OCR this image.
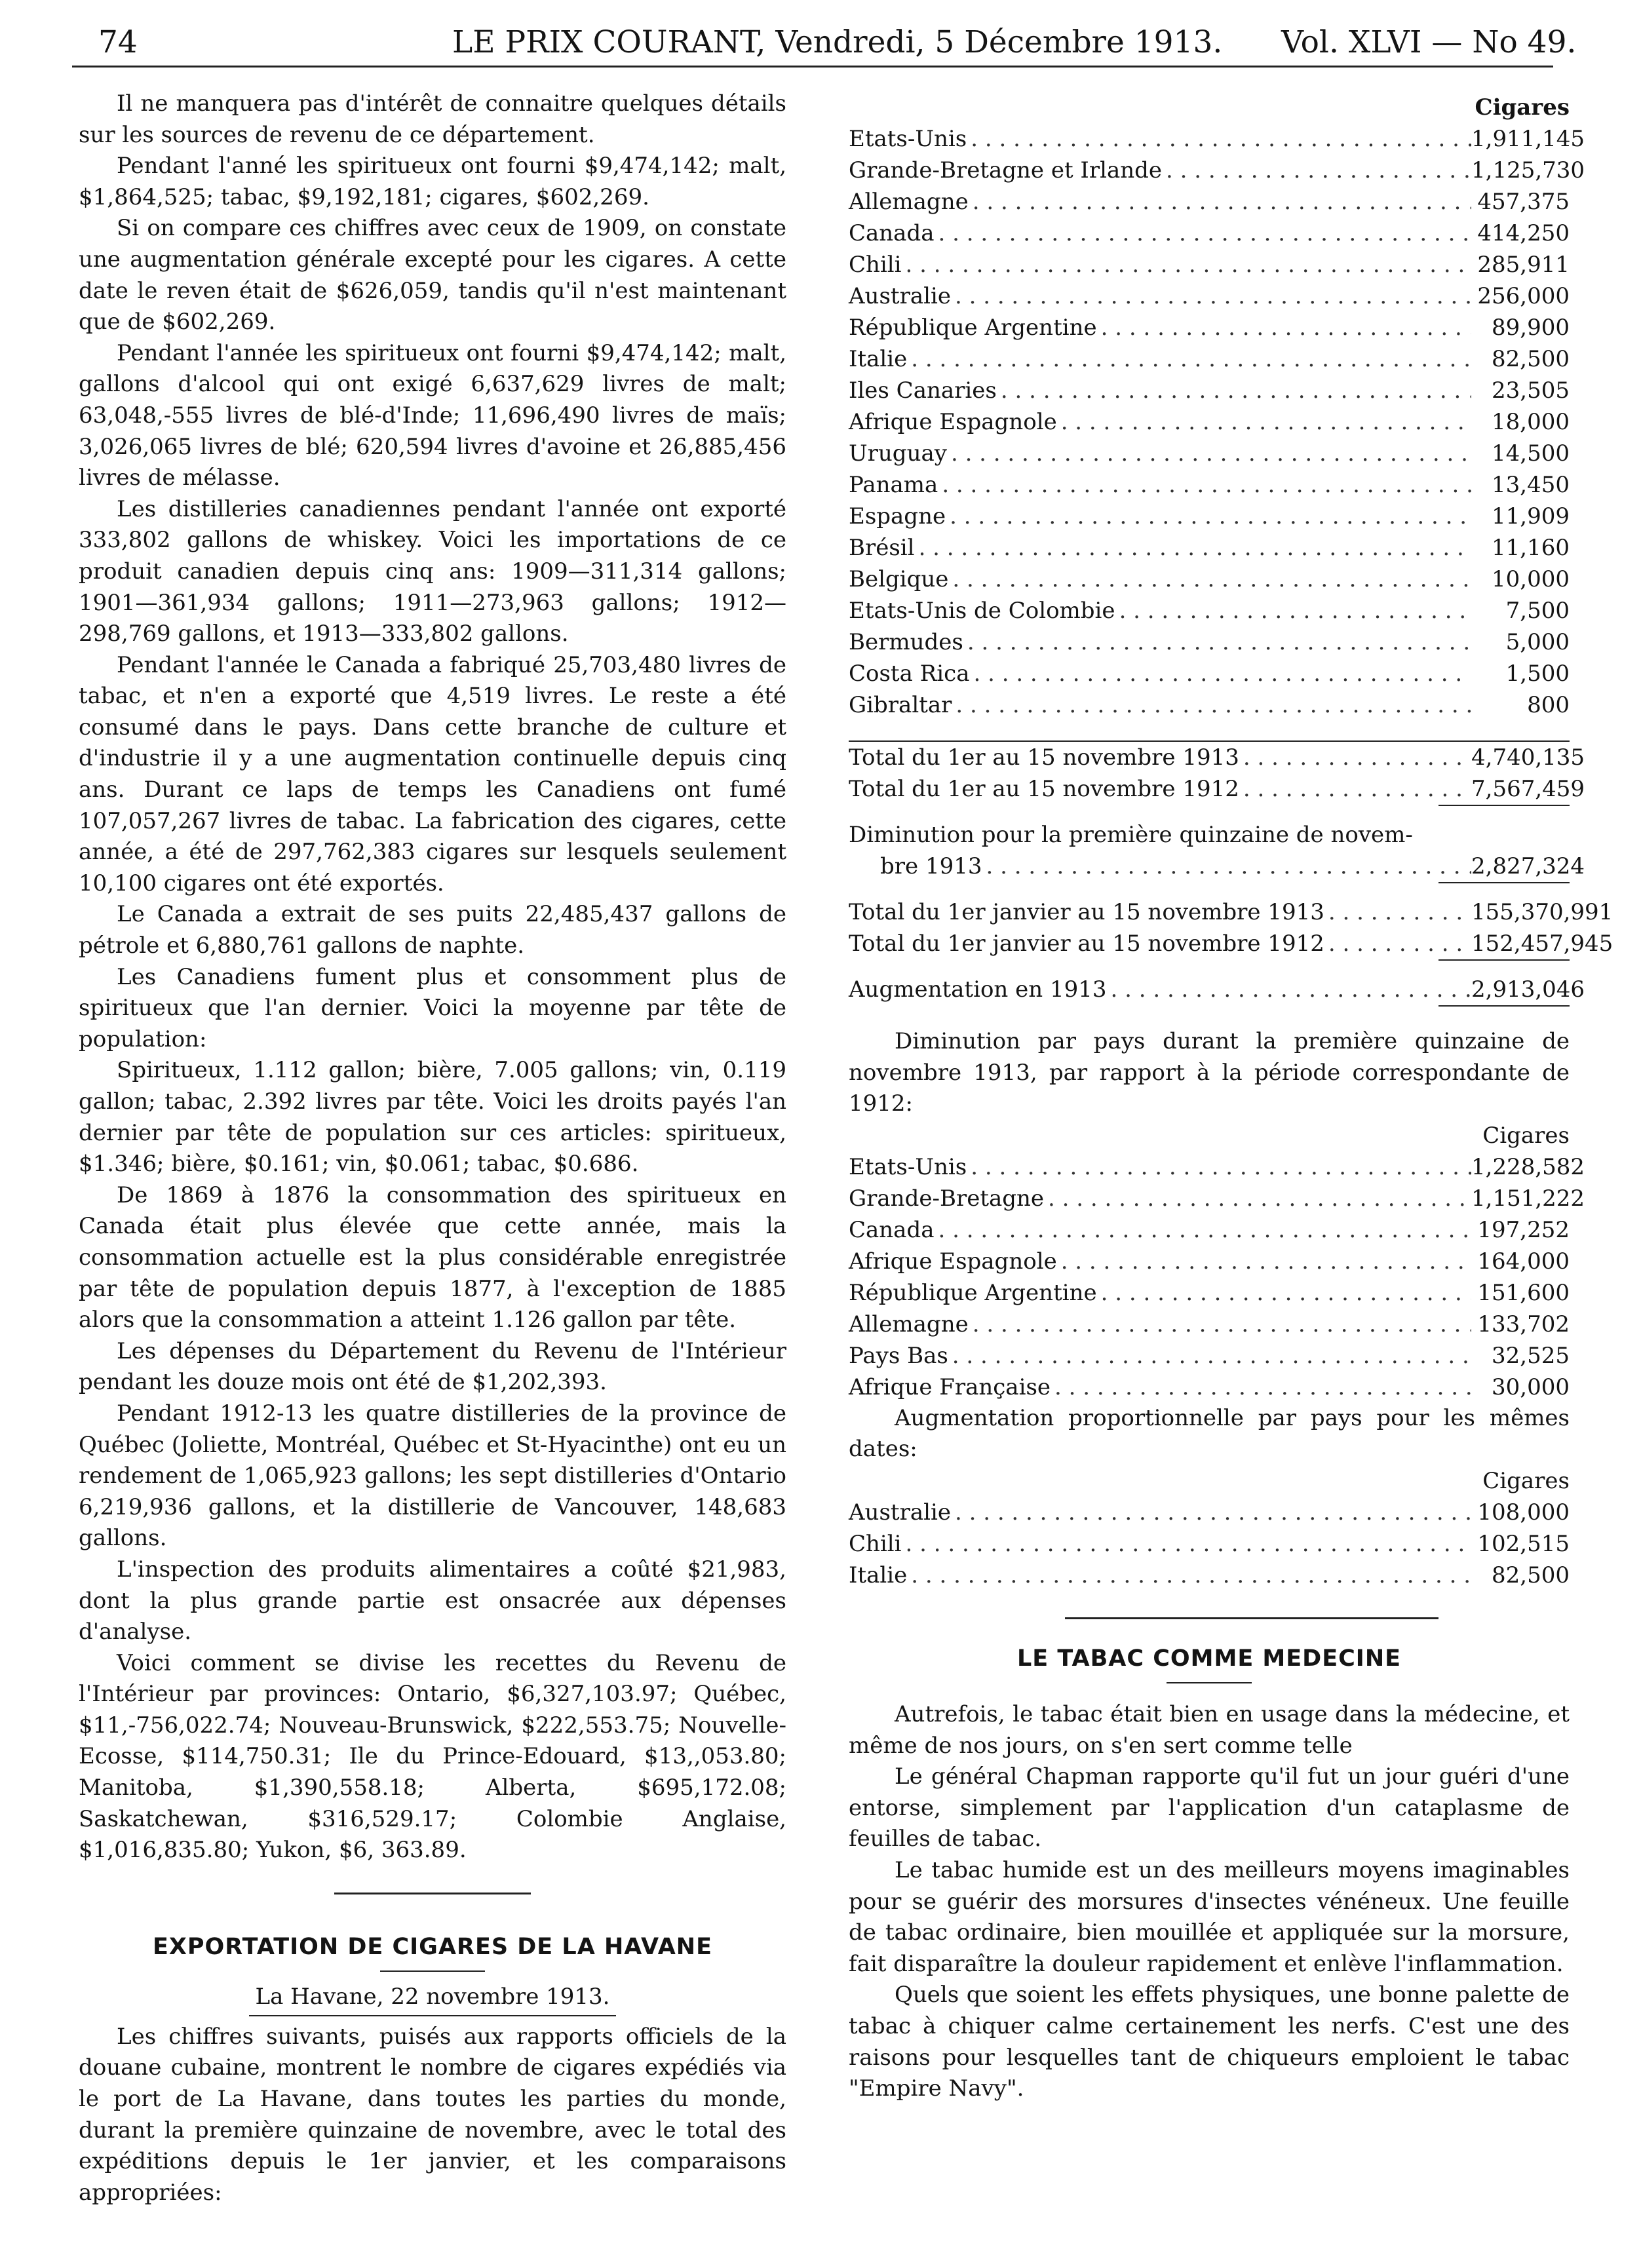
74	LE PRIX COURANT, Vendredi, 5 Décembre 1913. Vol. XLVI — No 49.

Il ne manquera pas d'intérêt de connaitre quelques détails sur les sources de revenu de ce département.

Pendant l'anné les spiritueux ont fourni $9,474,142; malt, $1,864,525; tabac, $9,192,181; cigares, $602,269.

Si on compare ces chiffres avec ceux de 1909, on constate une augmentation générale excepté pour les cigares. A cette date le reven était de $626,059, tandis qu'il n'est maintenant que de $602,269.

Pendant l'année les spiritueux ont fourni $9,474,142; malt, gallons d'alcool qui ont exigé 6,637,629 livres de malt; 63,048,-555 livres de blé-d'Inde; 11,696,490 livres de maïs; 3,026,065 livres de blé; 620,594 livres d'avoine et 26,885,456 livres de mélasse.

Les distilleries canadiennes pendant l'année ont exporté 333,802 gallons de whiskey. Voici les importations de ce produit canadien depuis cinq ans: 1909—311,314 gallons; 1901—361,934 gallons; 1911—273,963 gallons; 1912—298,769 gallons, et 1913—333,802 gallons.

Pendant l'année le Canada a fabriqué 25,703,480 livres de tabac, et n'en a exporté que 4,519 livres. Le reste a été consumé dans le pays. Dans cette branche de culture et d'industrie il y a une augmentation continuelle depuis cinq ans. Durant ce laps de temps les Canadiens ont fumé 107,057,267 livres de tabac. La fabrication des cigares, cette année, a été de 297,762,383 cigares sur lesquels seulement 10,100 cigares ont été exportés.

Le Canada a extrait de ses puits 22,485,437 gallons de pétrole et 6,880,761 gallons de naphte.

Les Canadiens fument plus et consomment plus de spiritueux que l'an dernier. Voici la moyenne par tête de population:

Spiritueux, 1.112 gallon; bière, 7.005 gallons; vin, 0.119 gallon; tabac, 2.392 livres par tête. Voici les droits payés l'an dernier par tête de population sur ces articles: spiritueux, $1.346; bière, $0.161; vin, $0.061; tabac, $0.686.

De 1869 à 1876 la consommation des spiritueux en Canada était plus élevée que cette année, mais la consommation actuelle est la plus considérable enregistrée par tête de population depuis 1877, à l'exception de 1885 alors que la consommation a atteint 1.126 gallon par tête.

Les dépenses du Département du Revenu de l'Intérieur pendant les douze mois ont été de $1,202,393.

Pendant 1912-13 les quatre distilleries de la province de Québec (Joliette, Montréal, Québec et St-Hyacinthe) ont eu un rendement de 1,065,923 gallons; les sept distilleries d'Ontario 6,219,936 gallons, et la distillerie de Vancouver, 148,683 gallons.

L'inspection des produits alimentaires a coûté $21,983, dont la plus grande partie est onsacrée aux dépenses d'analyse.

Voici comment se divise les recettes du Revenu de l'Intérieur par provinces: Ontario, $6,327,103.97; Québec, $11,-756,022.74; Nouveau-Brunswick, $222,553.75; Nouvelle-Ecosse, $114,750.31; Ile du Prince-Edouard, $13,,053.80; Manitoba, $1,390,558.18; Alberta, $695,172.08; Saskatchewan, $316,529.17; Colombie Anglaise, $1,016,835.80; Yukon, $6, 363.89.

EXPORTATION DE CIGARES DE LA HAVANE
La Havane, 22 novembre 1913.

Les chiffres suivants, puisés aux rapports officiels de la douane cubaine, montrent le nombre de cigares expédiés via le port de La Havane, dans toutes les parties du monde, durant la première quinzaine de novembre, avec le total des expéditions depuis le 1er janvier, et les comparaisons appropriées:

Cigares
Etats-Unis . . .	1,911,145
Grande-Bretagne et Irlande . . .	1,125,730
Allemagne . . .	457,375
Canada . . .	414,250
Chili . . .	285,911
Australie . . .	256,000
République Argentine . . .	89,900
Italie . . .	82,500
Iles Canaries . . .	23,505
Afrique Espagnole . . .	18,000
Uruguay . . .	14,500
Panama . . .	13,450
Espagne . . .	11,909
Brésil . . .	11,160
Belgique . . .	10,000
Etats-Unis de Colombie . . .	7,500
Bermudes . . .	5,000
Costa Rica . . .	1,500
Gibraltar . . .	800
Total du 1er au 15 novembre 1913 . . .	4,740,135
Total du 1er au 15 novembre 1912 . . .	7,567,459
Diminution pour la première quinzaine de novem-
bre 1913 . . .	2,827,324
Total du 1er janvier au 15 novembre 1913 . . .	155,370,991
Total du 1er janvier au 15 novembre 1912 . . .	152,457,945
Augmentation en 1913 . . .	2,913,046

Diminution par pays durant la première quinzaine de novembre 1913, par rapport à la période correspondante de 1912:

Cigares
Etats-Unis . . .	1,228,582
Grande-Bretagne . . .	1,151,222
Canada . . .	197,252
Afrique Espagnole . . .	164,000
République Argentine . . .	151,600
Allemagne . . .	133,702
Pays Bas . . .	32,525
Afrique Française . . .	30,000

Augmentation proportionnelle par pays pour les mêmes dates:

Cigares
Australie . . .	108,000
Chili . . .	102,515
Italie . . .	82,500
LE TABAC COMME MEDECINE

Autrefois, le tabac était bien en usage dans la médecine, et même de nos jours, on s'en sert comme telle

Le général Chapman rapporte qu'il fut un jour guéri d'une entorse, simplement par l'application d'un cataplasme de feuilles de tabac.

Le tabac humide est un des meilleurs moyens imaginables pour se guérir des morsures d'insectes vénéneux. Une feuille de tabac ordinaire, bien mouillée et appliquée sur la morsure, fait disparaître la douleur rapidement et enlève l'inflammation.

Quels que soient les effets physiques, une bonne palette de tabac à chiquer calme certainement les nerfs. C'est une des raisons pour lesquelles tant de chiqueurs emploient le tabac "Empire Navy".
